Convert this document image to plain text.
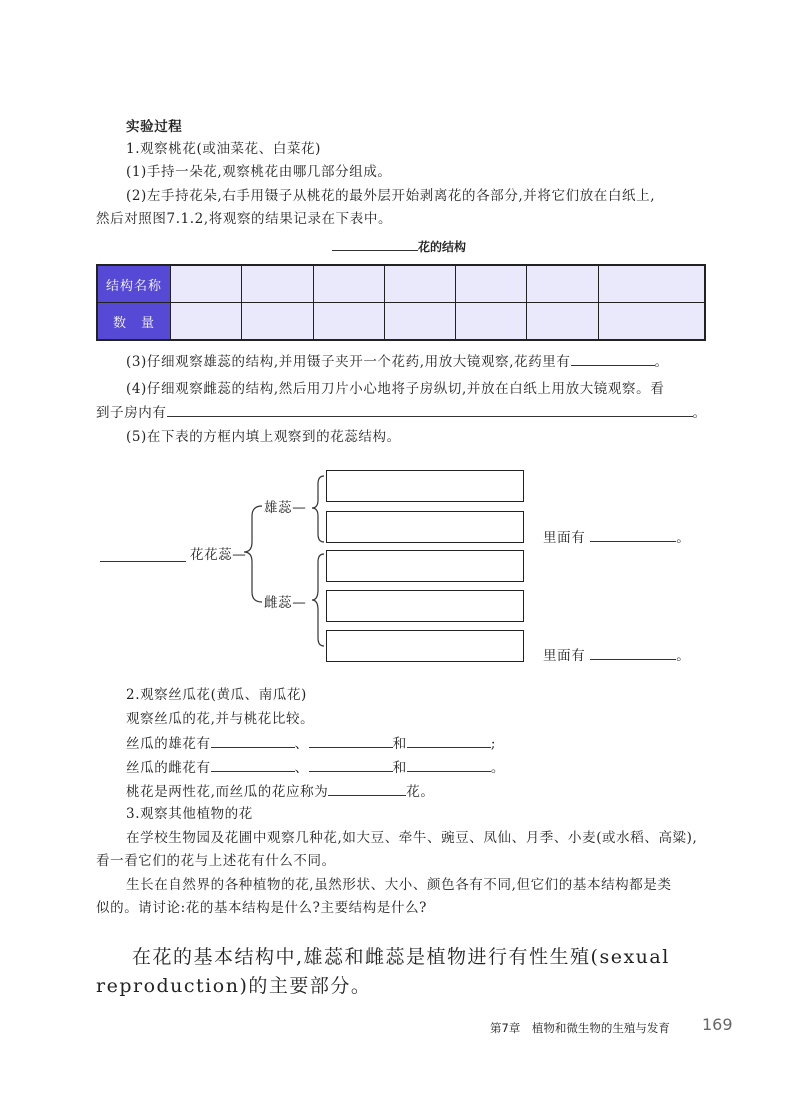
实验过程
1.观察桃花(或油菜花、白菜花)
(1)手持一朵花,观察桃花由哪几部分组成。
(2)左手持花朵,右手用镊子从桃花的最外层开始剥离花的各部分,并将它们放在白纸上,
然后对照图7.1.2,将观察的结果记录在下表中。
花的结构
结构名称							
数　量							
(3)仔细观察雄蕊的结构,并用镊子夹开一个花药,用放大镜观察,花药里有	。
(4)仔细观察雌蕊的结构,然后用刀片小心地将子房纵切,并放在白纸上用放大镜观察。看
到子房内有	。
(5)在下表的方框内填上观察到的花蕊结构。
花花蕊—
雄蕊—
雌蕊—
里面有	。
里面有	。
2.观察丝瓜花(黄瓜、南瓜花)
观察丝瓜的花,并与桃花比较。
丝瓜的雄花有	、	和	;
丝瓜的雌花有	、	和	。
桃花是两性花,而丝瓜的花应称为	花。
3.观察其他植物的花
在学校生物园及花圃中观察几种花,如大豆、牵牛、豌豆、凤仙、月季、小麦(或水稻、高粱),
看一看它们的花与上述花有什么不同。
生长在自然界的各种植物的花,虽然形状、大小、颜色各有不同,但它们的基本结构都是类
似的。请讨论:花的基本结构是什么?主要结构是什么?
在花的基本结构中,雄蕊和雌蕊是植物进行有性生殖(sexual
reproduction)的主要部分。
第7章　植物和微生物的生殖与发育 169
